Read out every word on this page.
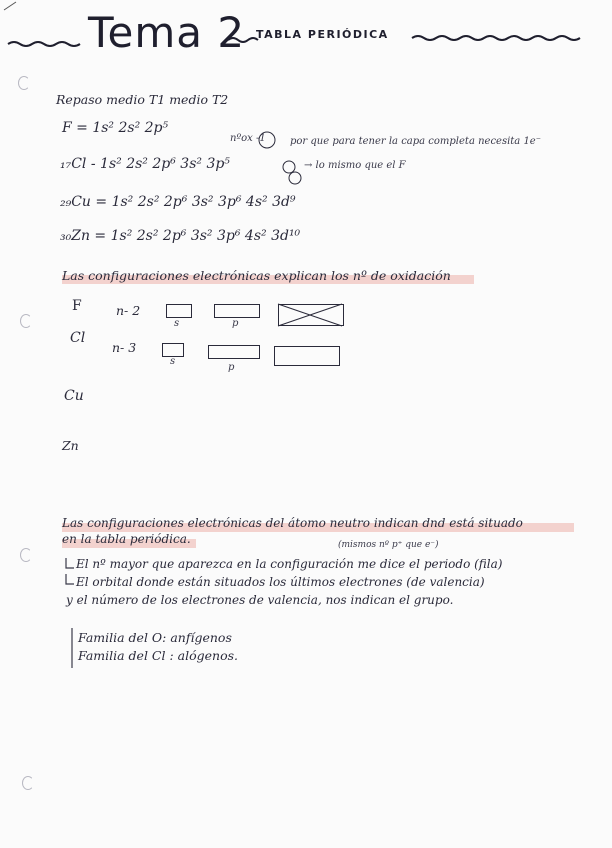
Tema 2 TABLA PERIÓDICA
Repaso medio T1 medio T2
F = 1s² 2s² 2p⁵
nºox -1 por que para tener la capa completa necesita 1e⁻
₁₇Cl - 1s² 2s² 2p⁶ 3s² 3p⁵	→ lo mismo que el F
₂₉Cu = 1s² 2s² 2p⁶ 3s² 3p⁶ 4s² 3d⁹
₃₀Zn = 1s² 2s² 2p⁶ 3s² 3p⁶ 4s² 3d¹⁰
Las configuraciones electrónicas explican los nº de oxidación
F	n- 2
s	p
Cl
n- 3
s
p
Cu
Zn
Las configuraciones electrónicas del átomo neutro indican dnd está situado
en la tabla periódica.	(mismos nº p⁺ que e⁻)
El nº mayor que aparezca en la configuración me dice el periodo (fila)
El orbital donde están situados los últimos electrones (de valencia)
y el número de los electrones de valencia, nos indican el grupo.
Familia del O: anfígenos
Familia del Cl : alógenos.
